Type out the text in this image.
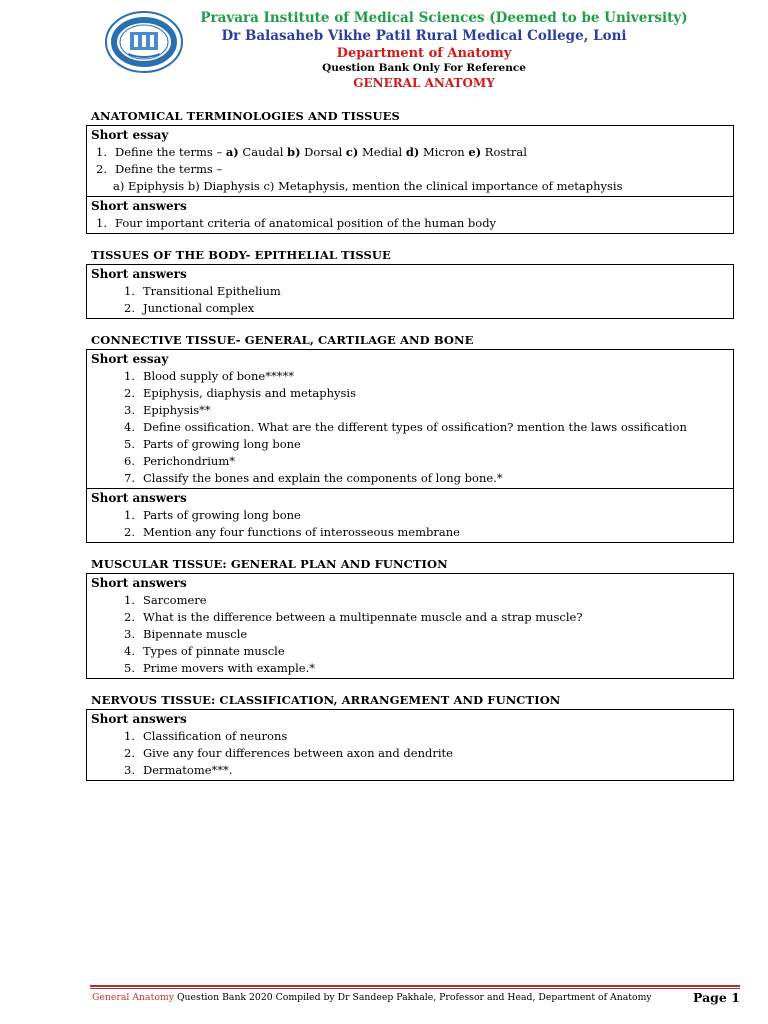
Pravara Institute of Medical Sciences (Deemed to be University)
Dr Balasaheb Vikhe Patil Rural Medical College, Loni
Department of Anatomy
Question Bank Only For Reference
GENERAL ANATOMY
ANATOMICAL TERMINOLOGIES AND TISSUES
Short essay
1. Define the terms – a) Caudal b) Dorsal c) Medial d) Micron e) Rostral
2. Define the terms –
a) Epiphysis b) Diaphysis c) Metaphysis, mention the clinical importance of metaphysis
Short answers
1. Four important criteria of anatomical position of the human body
TISSUES OF THE BODY- EPITHELIAL TISSUE
Short answers
1. Transitional Epithelium
2. Junctional complex
CONNECTIVE TISSUE- GENERAL, CARTILAGE AND BONE
Short essay
1. Blood supply of bone*****
2. Epiphysis, diaphysis and metaphysis
3. Epiphysis**
4. Define ossification. What are the different types of ossification? mention the laws ossification
5. Parts of growing long bone
6. Perichondrium*
7. Classify the bones and explain the components of long bone.*
Short answers
1. Parts of growing long bone
2. Mention any four functions of interosseous membrane
MUSCULAR TISSUE: GENERAL PLAN AND FUNCTION
Short answers
1. Sarcomere
2. What is the difference between a multipennate muscle and a strap muscle?
3. Bipennate muscle
4. Types of pinnate muscle
5. Prime movers with example.*
NERVOUS TISSUE: CLASSIFICATION, ARRANGEMENT AND FUNCTION
Short answers
1. Classification of neurons
2. Give any four differences between axon and dendrite
3. Dermatome***.
General Anatomy Question Bank 2020 Compiled by Dr Sandeep Pakhale, Professor and Head, Department of Anatomy	Page 1
